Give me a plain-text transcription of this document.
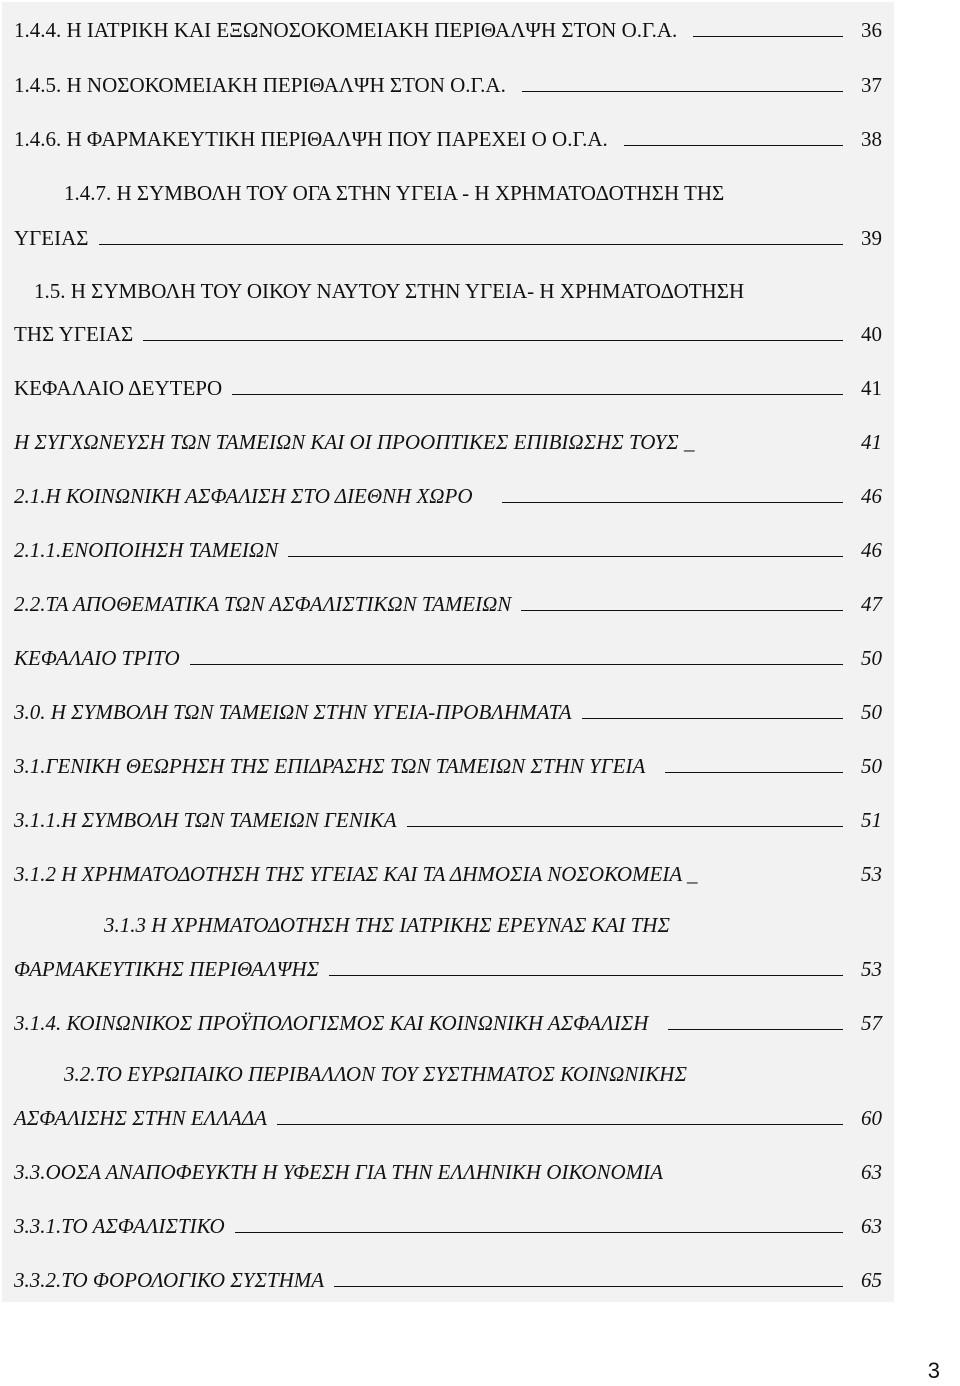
1.4.4. Η ΙΑΤΡΙΚΗ ΚΑΙ ΕΞΩΝΟΣΟΚΟΜΕΙΑΚΗ ΠΕΡΙΘΑΛΨΗ ΣΤΟΝ Ο.Γ.Α.	36
1.4.5. Η ΝΟΣΟΚΟΜΕΙΑΚΗ ΠΕΡΙΘΑΛΨΗ ΣΤΟΝ Ο.Γ.Α.	37
1.4.6. Η ΦΑΡΜΑΚΕΥΤΙΚΗ ΠΕΡΙΘΑΛΨΗ ΠΟΥ ΠΑΡΕΧΕΙ Ο Ο.Γ.Α.	38
1.4.7. Η ΣΥΜΒΟΛΗ ΤΟΥ ΟΓΑ ΣΤΗΝ ΥΓΕΙΑ - Η ΧΡΗΜΑΤΟΔΟΤΗΣΗ ΤΗΣ
ΥΓΕΙΑΣ	39
1.5. Η ΣΥΜΒΟΛΗ ΤΟΥ ΟΙΚΟΥ ΝΑΥΤΟΥ ΣΤΗΝ ΥΓΕΙΑ- Η ΧΡΗΜΑΤΟΔΟΤΗΣΗ
ΤΗΣ ΥΓΕΙΑΣ	40
ΚΕΦΑΛΑΙΟ ΔΕΥΤΕΡΟ	41
Η ΣΥΓΧΩΝΕΥΣΗ ΤΩΝ ΤΑΜΕΙΩΝ ΚΑΙ ΟΙ ΠΡΟΟΠΤΙΚΕΣ ΕΠΙΒΙΩΣΗΣ ΤΟΥΣ _	41
2.1.Η ΚΟΙΝΩΝΙΚΗ ΑΣΦΑΛΙΣΗ ΣΤΟ ΔΙΕΘΝΗ ΧΩΡΟ	46
2.1.1.ΕΝΟΠΟΙΗΣΗ ΤΑΜΕΙΩΝ	46
2.2.ΤΑ ΑΠΟΘΕΜΑΤΙΚΑ ΤΩΝ ΑΣΦΑΛΙΣΤΙΚΩΝ ΤΑΜΕΙΩΝ	47
ΚΕΦΑΛΑΙΟ ΤΡΙΤΟ	50
3.0. Η ΣΥΜΒΟΛΗ ΤΩΝ ΤΑΜΕΙΩΝ ΣΤΗΝ ΥΓΕΙΑ-ΠΡΟΒΛΗΜΑΤΑ	50
3.1.ΓΕΝΙΚΗ ΘΕΩΡΗΣΗ ΤΗΣ ΕΠΙΔΡΑΣΗΣ ΤΩΝ ΤΑΜΕΙΩΝ ΣΤΗΝ ΥΓΕΙΑ	50
3.1.1.Η ΣΥΜΒΟΛΗ ΤΩΝ ΤΑΜΕΙΩΝ ΓΕΝΙΚΑ	51
3.1.2 Η ΧΡΗΜΑΤΟΔΟΤΗΣΗ ΤΗΣ ΥΓΕΙΑΣ ΚΑΙ ΤΑ ΔΗΜΟΣΙΑ ΝΟΣΟΚΟΜΕΙΑ _	53
3.1.3 Η ΧΡΗΜΑΤΟΔΟΤΗΣΗ ΤΗΣ ΙΑΤΡΙΚΗΣ ΕΡΕΥΝΑΣ ΚΑΙ ΤΗΣ
ΦΑΡΜΑΚΕΥΤΙΚΗΣ ΠΕΡΙΘΑΛΨΗΣ	53
3.1.4. ΚΟΙΝΩΝΙΚΟΣ ΠΡΟΫΠΟΛΟΓΙΣΜΟΣ ΚΑΙ ΚΟΙΝΩΝΙΚΗ ΑΣΦΑΛΙΣΗ	57
3.2.ΤΟ ΕΥΡΩΠΑΙΚΟ ΠΕΡΙΒΑΛΛΟΝ ΤΟΥ ΣΥΣΤΗΜΑΤΟΣ ΚΟΙΝΩΝΙΚΗΣ
ΑΣΦΑΛΙΣΗΣ ΣΤΗΝ ΕΛΛΑΔΑ	60
3.3.ΟΟΣΑ ΑΝΑΠΟΦΕΥΚΤΗ Η ΥΦΕΣΗ ΓΙΑ ΤΗΝ ΕΛΛΗΝΙΚΗ ΟΙΚΟΝΟΜΙΑ	63
3.3.1.ΤΟ ΑΣΦΑΛΙΣΤΙΚΟ	63
3.3.2.ΤΟ ΦΟΡΟΛΟΓΙΚΟ ΣΥΣΤΗΜΑ	65
3
